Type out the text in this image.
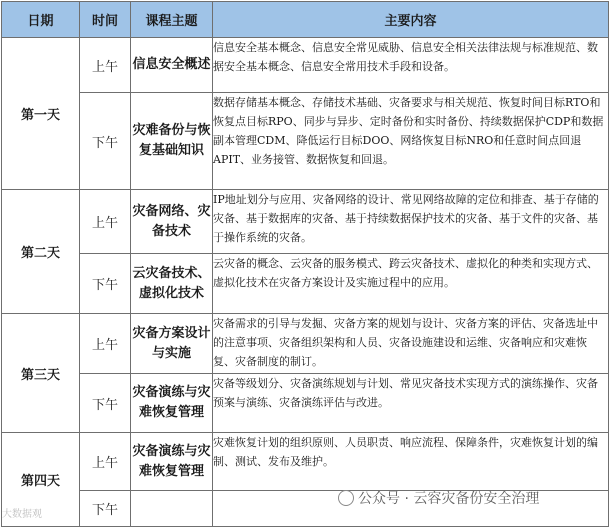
日期	时间	课程主题	主要内容
第一天	上午	信息安全概述	信息安全基本概念、信息安全常见威胁、信息安全相关法律法规与标准规范、数据安全基本概念、信息安全常用技术手段和设备。
	下午	灾难备份与恢复基础知识	数据存储基本概念、存储技术基础、灾备要求与相关规范、恢复时间目标RTO和恢复点目标RPO、同步与异步、定时备份和实时备份、持续数据保护CDP和数据副本管理CDM、降低运行目标DOO、网络恢复目标NRO和任意时间点回退APIT、业务接管、数据恢复和回退。
第二天	上午	灾备网络、灾备技术	IP地址划分与应用、灾备网络的设计、常见网络故障的定位和排查、基于存储的灾备、基于数据库的灾备、基于持续数据保护技术的灾备、基于文件的灾备、基于操作系统的灾备。
	下午	云灾备技术、虚拟化技术	云灾备的概念、云灾备的服务模式、跨云灾备技术、虚拟化的种类和实现方式、虚拟化技术在灾备方案设计及实施过程中的应用。
第三天	上午	灾备方案设计与实施	灾备需求的引导与发掘、灾备方案的规划与设计、灾备方案的评估、灾备选址中的注意事项、灾备组织架构和人员、灾备设施建设和运维、灾备响应和灾难恢复、灾备制度的制订。
	下午	灾备演练与灾难恢复管理	灾备等级划分、灾备演练规划与计划、常见灾备技术实现方式的演练操作、灾备预案与演练、灾备演练评估与改进。
第四天	上午	灾备演练与灾难恢复管理	灾难恢复计划的组织原则、人员职责、响应流程、保障条件，灾难恢复计划的编制、测试、发布及维护。
	下午		
大数据观
公众号 · 云容灾备份安全治理
